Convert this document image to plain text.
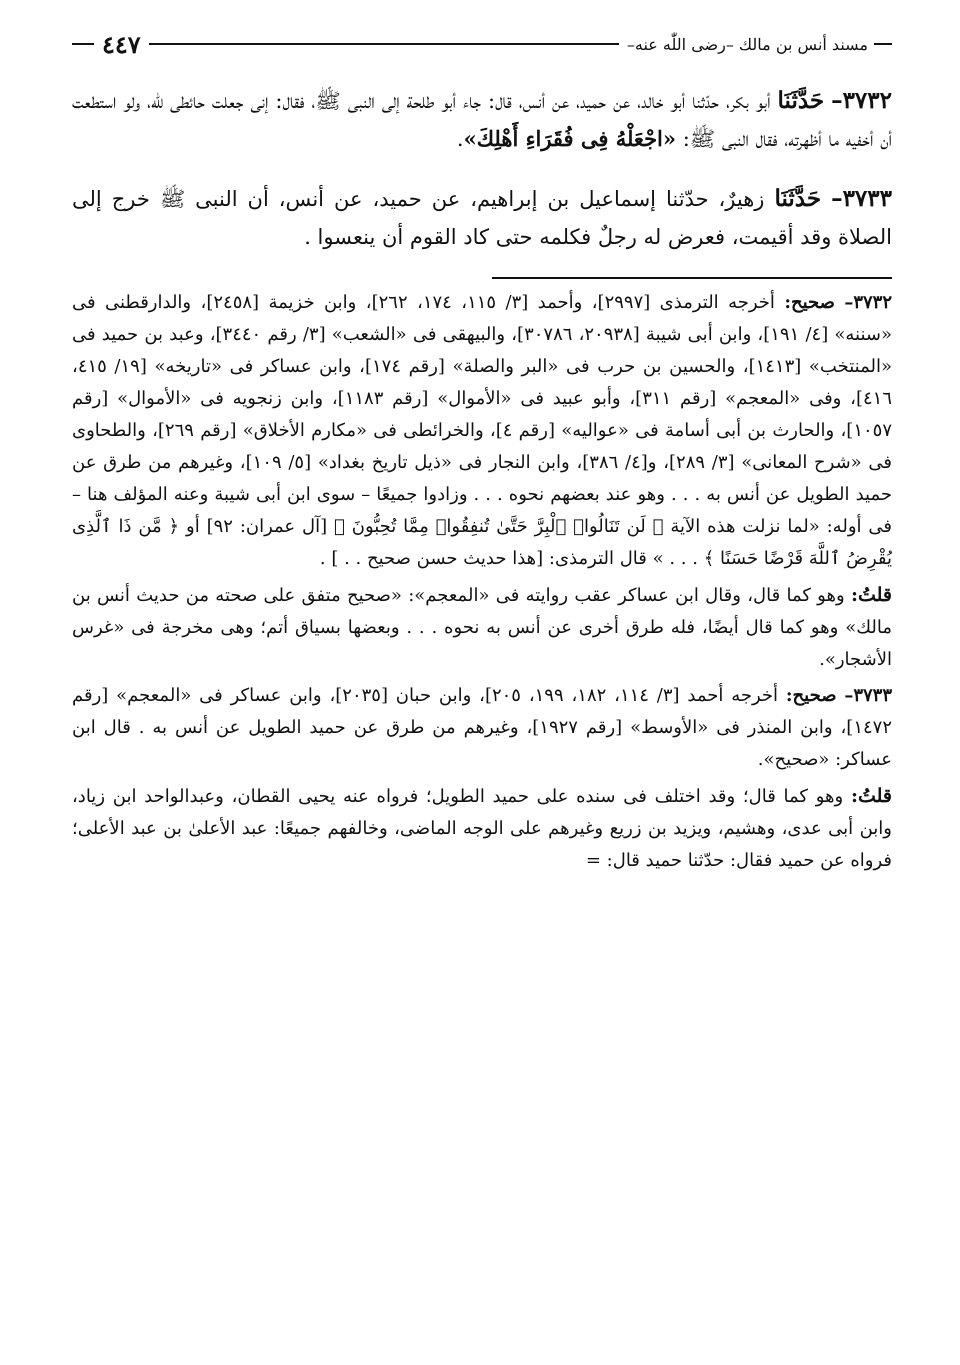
مسند أنس بن مالك –رضى اللّٰه عنه–
٤٤٧

٣٧٣٢– حَدَّثَنَا أبو بكر، حدّثنا أبو خالد، عن حميد، عن أنس، قال: جاء أبو طلحة إلى النبى ﷺ، فقال: إنى جعلت حائطى للّٰه، ولو استطعت أن أخفيه ما أظهرته، فقال النبى ﷺ: «اجْعَلْهُ فِى فُقَرَاءِ أَهْلِكَ».

٣٧٣٣– حَدَّثَنَا زهيرٌ، حدّثنا إسماعيل بن إبراهيم، عن حميد، عن أنس، أن النبى ﷺ خرج إلى الصلاة وقد أقيمت، فعرض له رجلٌ فكلمه حتى كاد القوم أن ينعسوا .

٣٧٣٢– صحيح: أخرجه الترمذى [٢٩٩٧]، وأحمد [٣/ ١١٥، ١٧٤، ٢٦٢]، وابن خزيمة [٢٤٥٨]، والدارقطنى فى «سننه» [٤/ ١٩١]، وابن أبى شيبة [٢٠٩٣٨، ٣٠٧٨٦]، والبيهقى فى «الشعب» [٣/ رقم ٣٤٤٠]، وعبد بن حميد فى «المنتخب» [١٤١٣]، والحسين بن حرب فى «البر والصلة» [رقم ١٧٤]، وابن عساكر فى «تاريخه» [١٩/ ٤١٥، ٤١٦]، وفى «المعجم» [رقم ٣١١]، وأبو عبيد فى «الأموال» [رقم ١١٨٣]، وابن زنجويه فى «الأموال» [رقم ١٠٥٧]، والحارث بن أبى أسامة فى «عواليه» [رقم ٤]، والخرائطى فى «مكارم الأخلاق» [رقم ٢٦٩]، والطحاوى فى «شرح المعانى» [٣/ ٢٨٩]، و[٤/ ٣٨٦]، وابن النجار فى «ذيل تاريخ بغداد» [٥/ ١٠٩]، وغيرهم من طرق عن حميد الطويل عن أنس به . . . وهو عند بعضهم نحوه . . . وزادوا جميعًا – سوى ابن أبى شيبة وعنه المؤلف هنا – فى أوله: «لما نزلت هذه الآية ﴿ لَن تَنَالُوا۟ ٱلْبِرَّ حَتَّىٰ تُنفِقُوا۟ مِمَّا تُحِبُّونَ ﴾ [آل عمران: ٩٢] أو ﴿ مَّن ذَا ٱلَّذِى يُقْرِضُ ٱللَّهَ قَرْضًا حَسَنًا ﴾ . . . » قال الترمذى: [هذا حديث حسن صحيح . . ] .
قلتُ: وهو كما قال، وقال ابن عساكر عقب روايته فى «المعجم»: «صحيح متفق على صحته من حديث أنس بن مالك» وهو كما قال أيضًا، فله طرق أخرى عن أنس به نحوه . . . وبعضها بسياق أتم؛ وهى مخرجة فى «غرس الأشجار».
٣٧٣٣– صحيح: أخرجه أحمد [٣/ ١١٤، ١٨٢، ١٩٩، ٢٠٥]، وابن حبان [٢٠٣٥]، وابن عساكر فى «المعجم» [رقم ١٤٧٢]، وابن المنذر فى «الأوسط» [رقم ١٩٢٧]، وغيرهم من طرق عن حميد الطويل عن أنس به . قال ابن عساكر: «صحيح».
قلتُ: وهو كما قال؛ وقد اختلف فى سنده على حميد الطويل؛ فرواه عنه يحيى القطان، وعبدالواحد ابن زياد، وابن أبى عدى، وهشيم، ويزيد بن زريع وغيرهم على الوجه الماضى، وخالفهم جميعًا: عبد الأعلىٰ بن عبد الأعلى؛ فرواه عن حميد فقال: حدّثنا حميد قال: =
